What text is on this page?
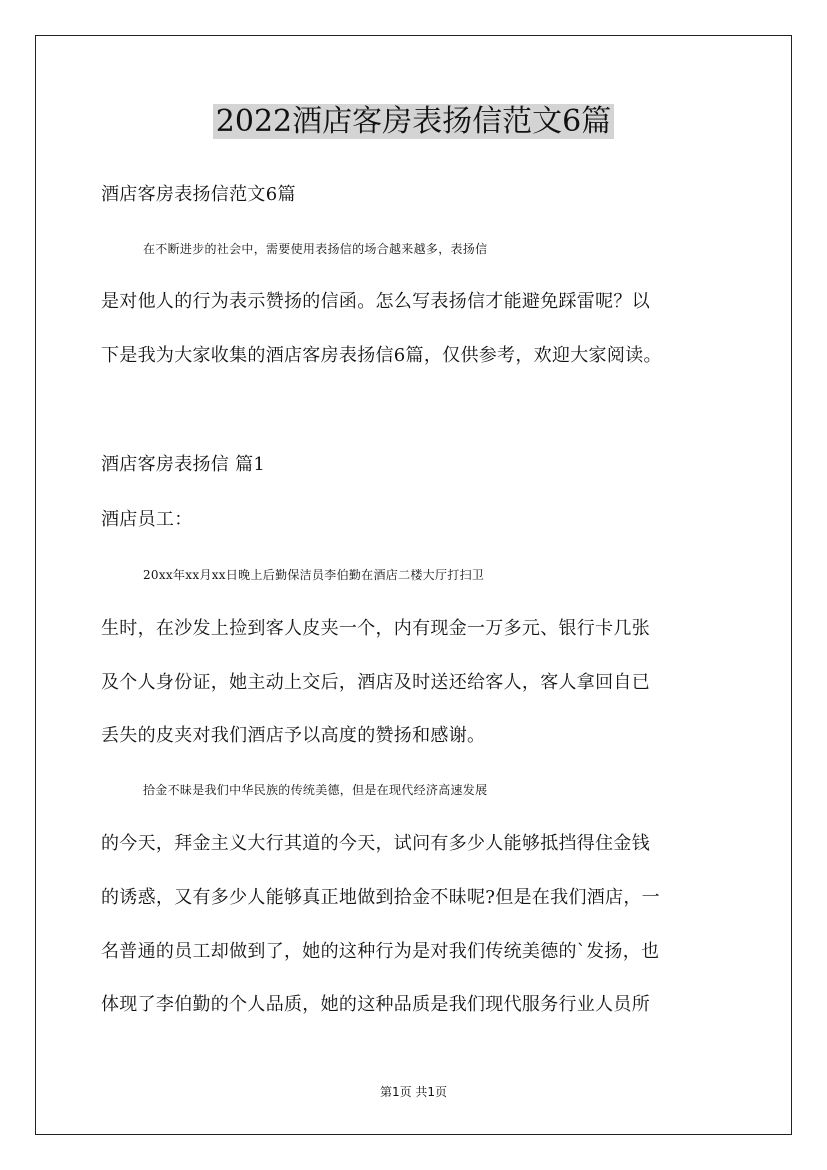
2022酒店客房表扬信范文6篇
酒店客房表扬信范文6篇
在不断进步的社会中，需要使用表扬信的场合越来越多，表扬信
是对他人的行为表示赞扬的信函。怎么写表扬信才能避免踩雷呢？以
下是我为大家收集的酒店客房表扬信6篇，仅供参考，欢迎大家阅读。
酒店客房表扬信 篇1
酒店员工：
20xx年xx月xx日晚上后勤保洁员李伯勤在酒店二楼大厅打扫卫
生时，在沙发上捡到客人皮夹一个，内有现金一万多元、银行卡几张
及个人身份证，她主动上交后，酒店及时送还给客人，客人拿回自已
丢失的皮夹对我们酒店予以高度的赞扬和感谢。
拾金不昧是我们中华民族的传统美德，但是在现代经济高速发展
的今天，拜金主义大行其道的今天，试问有多少人能够抵挡得住金钱
的诱惑，又有多少人能够真正地做到拾金不昧呢?但是在我们酒店，一
名普通的员工却做到了，她的这种行为是对我们传统美德的`发扬，也
体现了李伯勤的个人品质，她的这种品质是我们现代服务行业人员所
第1页 共1页
